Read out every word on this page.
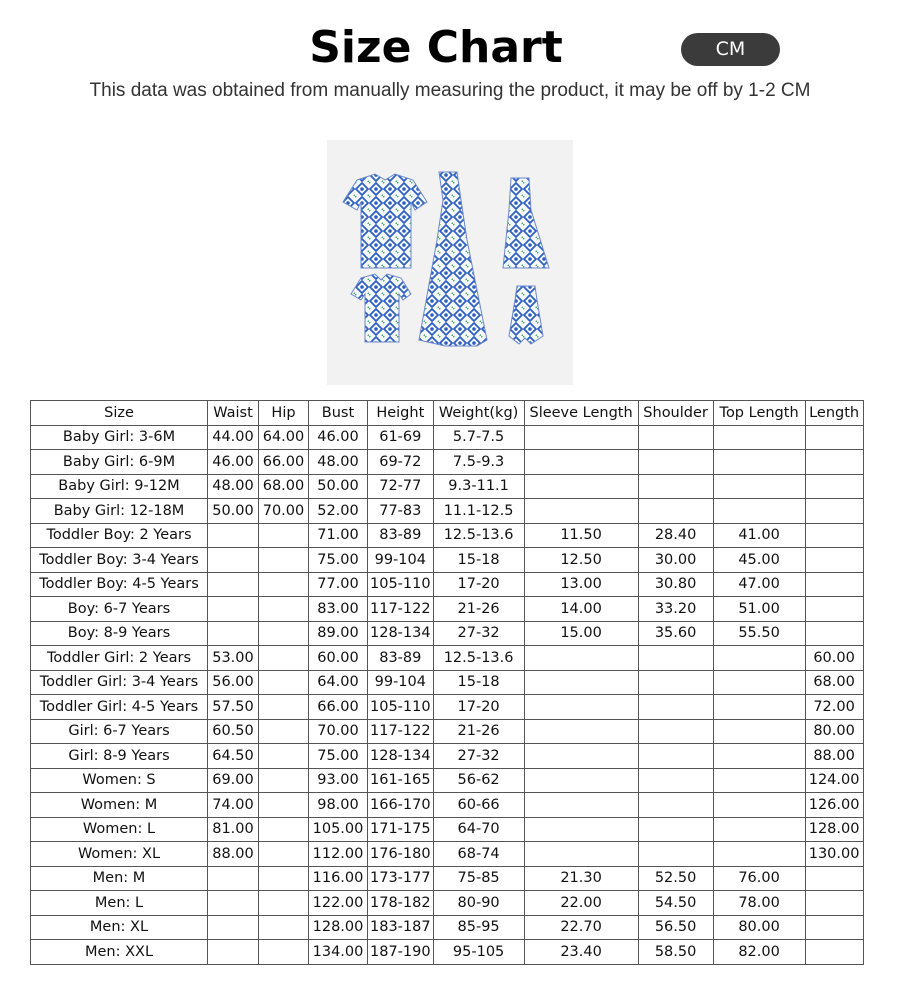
Size Chart	CM
This data was obtained from manually measuring the product, it may be off by 1-2 CM
Size	Waist	Hip	Bust	Height	Weight(kg)	Sleeve Length	Shoulder	Top Length	Length
Baby Girl: 3-6M	44.00	64.00	46.00	61-69	5.7-7.5				
Baby Girl: 6-9M	46.00	66.00	48.00	69-72	7.5-9.3				
Baby Girl: 9-12M	48.00	68.00	50.00	72-77	9.3-11.1				
Baby Girl: 12-18M	50.00	70.00	52.00	77-83	11.1-12.5				
Toddler Boy: 2 Years			71.00	83-89	12.5-13.6	11.50	28.40	41.00	
Toddler Boy: 3-4 Years			75.00	99-104	15-18	12.50	30.00	45.00	
Toddler Boy: 4-5 Years			77.00	105-110	17-20	13.00	30.80	47.00	
Boy: 6-7 Years			83.00	117-122	21-26	14.00	33.20	51.00	
Boy: 8-9 Years			89.00	128-134	27-32	15.00	35.60	55.50	
Toddler Girl: 2 Years	53.00		60.00	83-89	12.5-13.6				60.00
Toddler Girl: 3-4 Years	56.00		64.00	99-104	15-18				68.00
Toddler Girl: 4-5 Years	57.50		66.00	105-110	17-20				72.00
Girl: 6-7 Years	60.50		70.00	117-122	21-26				80.00
Girl: 8-9 Years	64.50		75.00	128-134	27-32				88.00
Women: S	69.00		93.00	161-165	56-62				124.00
Women: M	74.00		98.00	166-170	60-66				126.00
Women: L	81.00		105.00	171-175	64-70				128.00
Women: XL	88.00		112.00	176-180	68-74				130.00
Men: M			116.00	173-177	75-85	21.30	52.50	76.00	
Men: L			122.00	178-182	80-90	22.00	54.50	78.00	
Men: XL			128.00	183-187	85-95	22.70	56.50	80.00	
Men: XXL			134.00	187-190	95-105	23.40	58.50	82.00	
